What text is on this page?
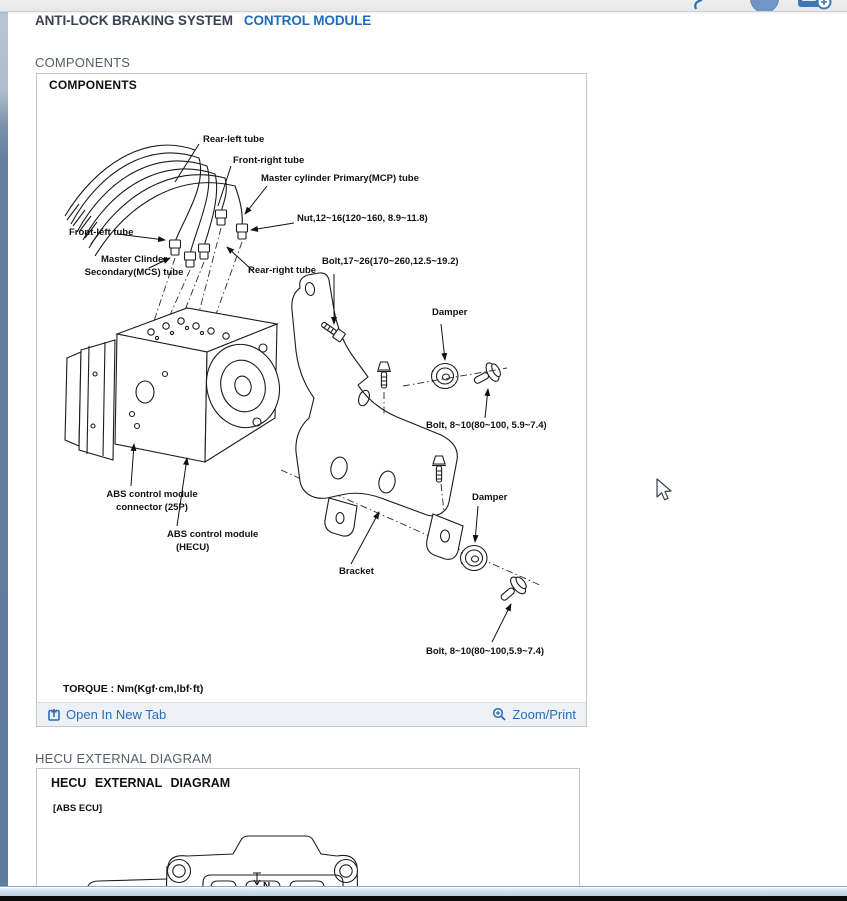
ANTI-LOCK BRAKING SYSTEM CONTROL MODULE
COMPONENTS
COMPONENTS
Rear-left tube
Front-right tube
Master cylinder Primary(MCP) tube
Nut,12~16(120~160, 8.9~11.8)
Front-left tube
Master Clinder
Secondary(MCS) tube	Rear-right tube
Bolt,17~26(170~260,12.5~19.2)
Damper
Bolt, 8~10(80~100, 5.9~7.4)
ABS control module
connector (25P)
ABS control module
(HECU)
Bracket
Damper
Bolt, 8~10(80~100,5.9~7.4)
TORQUE : Nm(Kgf·cm,lbf·ft)
Open In New Tab	Zoom/Print
HECU EXTERNAL DIAGRAM
HECU EXTERNAL DIAGRAM
[ABS ECU]
